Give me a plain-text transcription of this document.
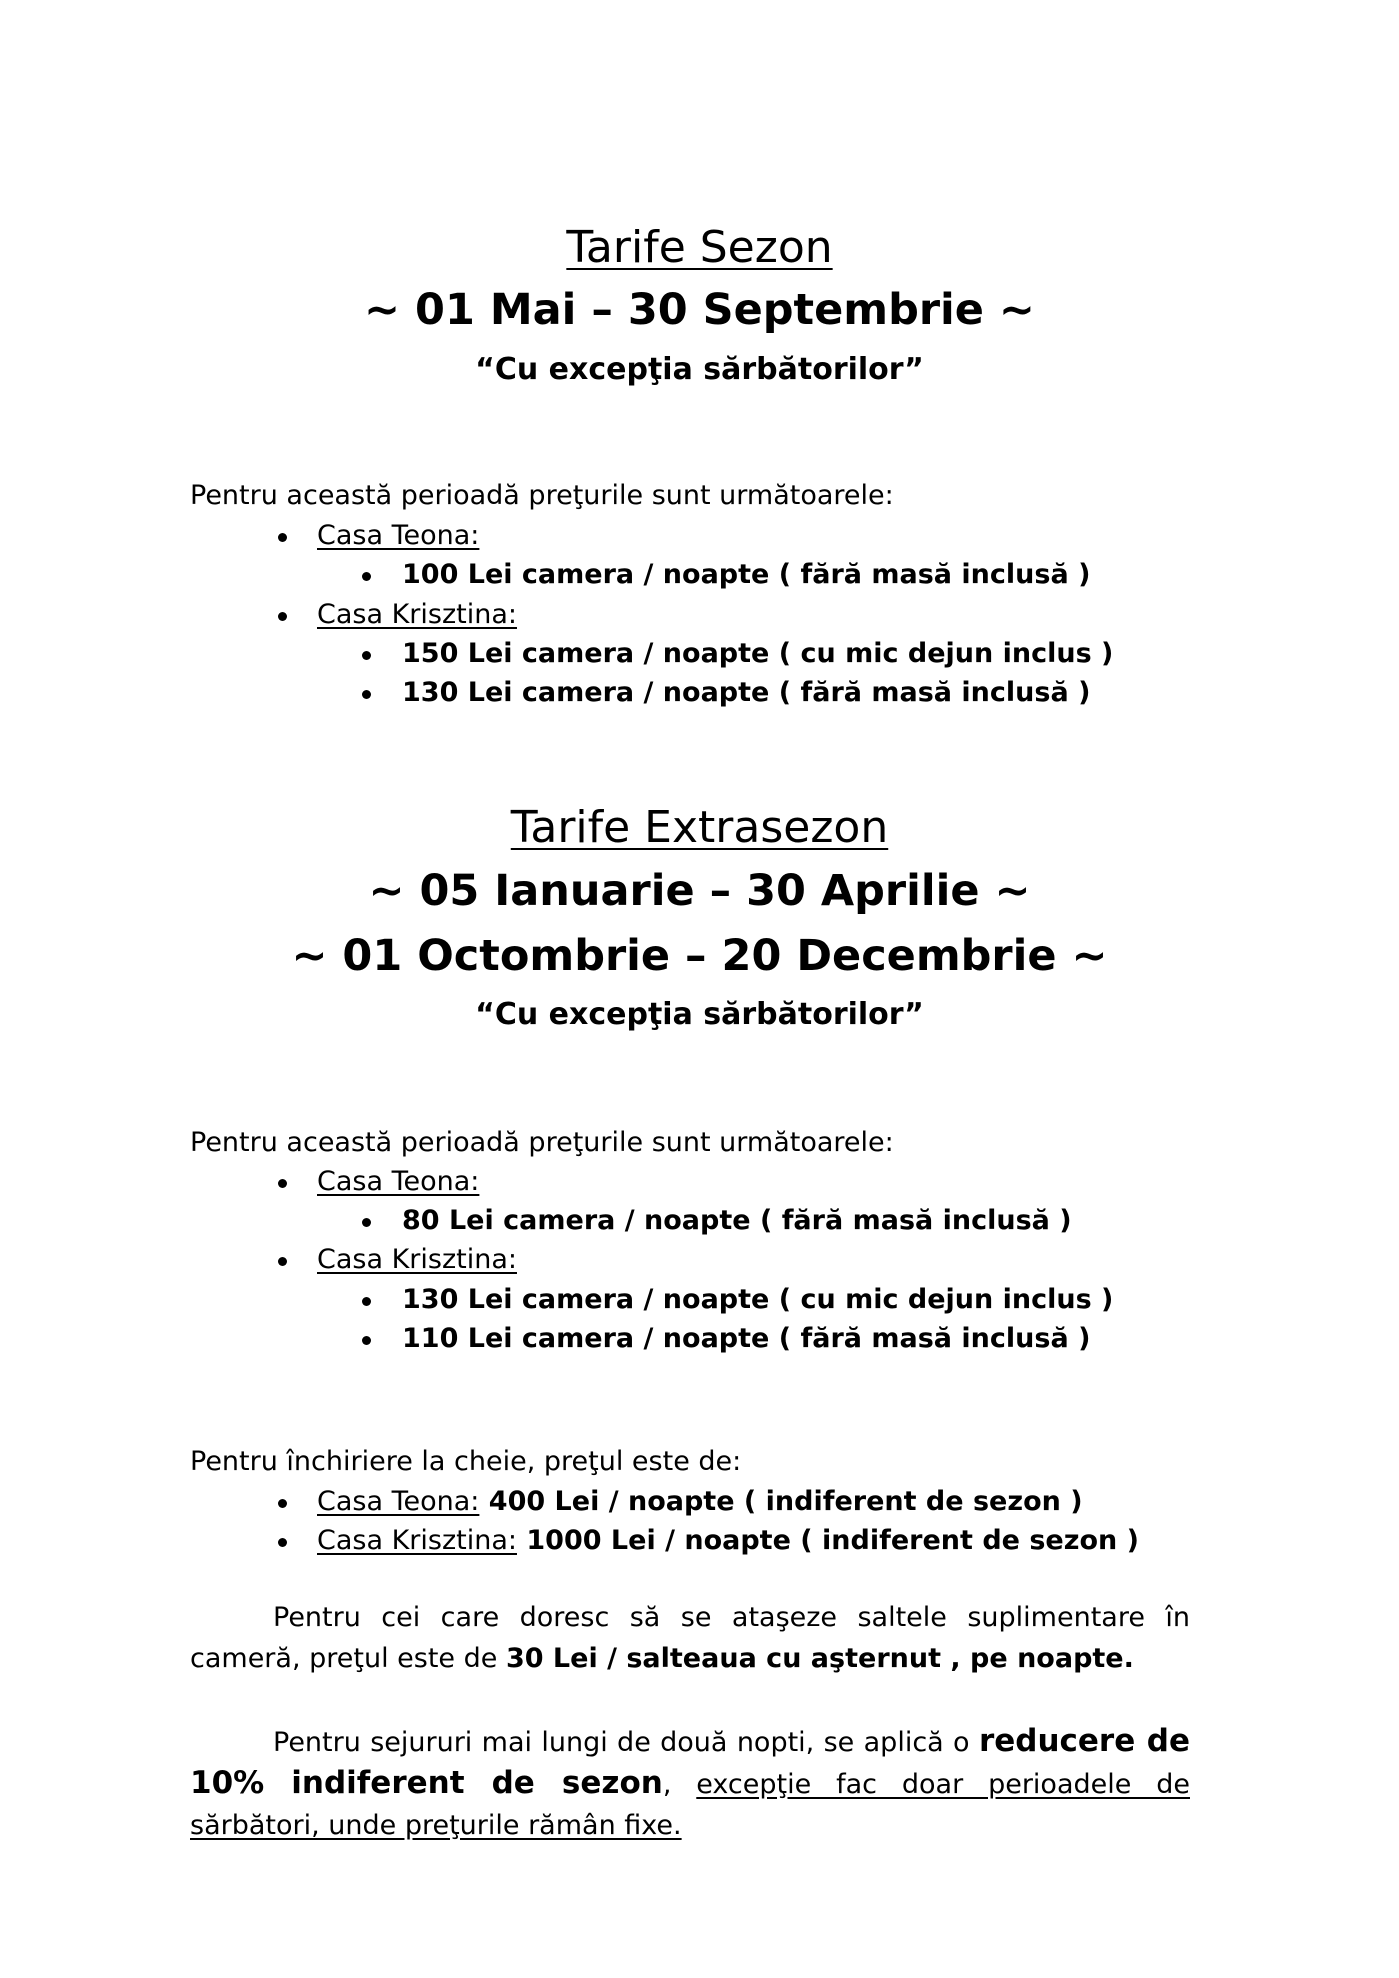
Tarife Sezon
~ 01 Mai – 30 Septembrie ~
“Cu excepţia sărbătorilor”
Pentru această perioadă preţurile sunt următoarele:
Casa Teona:
100 Lei camera / noapte ( fără masă inclusă )
Casa Krisztina:
150 Lei camera / noapte ( cu mic dejun inclus )
130 Lei camera / noapte ( fără masă inclusă )
Tarife Extrasezon
~ 05 Ianuarie – 30 Aprilie ~
~ 01 Octombrie – 20 Decembrie ~
“Cu excepţia sărbătorilor”
Pentru această perioadă preţurile sunt următoarele:
Casa Teona:
80 Lei camera / noapte ( fără masă inclusă )
Casa Krisztina:
130 Lei camera / noapte ( cu mic dejun inclus )
110 Lei camera / noapte ( fără masă inclusă )
Pentru închiriere la cheie, preţul este de:
Casa Teona: 400 Lei / noapte ( indiferent de sezon )
Casa Krisztina: 1000 Lei / noapte ( indiferent de sezon )
Pentru cei care doresc să se ataşeze saltele suplimentare în cameră, preţul este de 30 Lei / salteaua cu aşternut , pe noapte.
Pentru sejururi mai lungi de două nopti, se aplică o reducere de 10% indiferent de sezon, excepţie fac doar perioadele de sărbători, unde preţurile rămân fixe.
